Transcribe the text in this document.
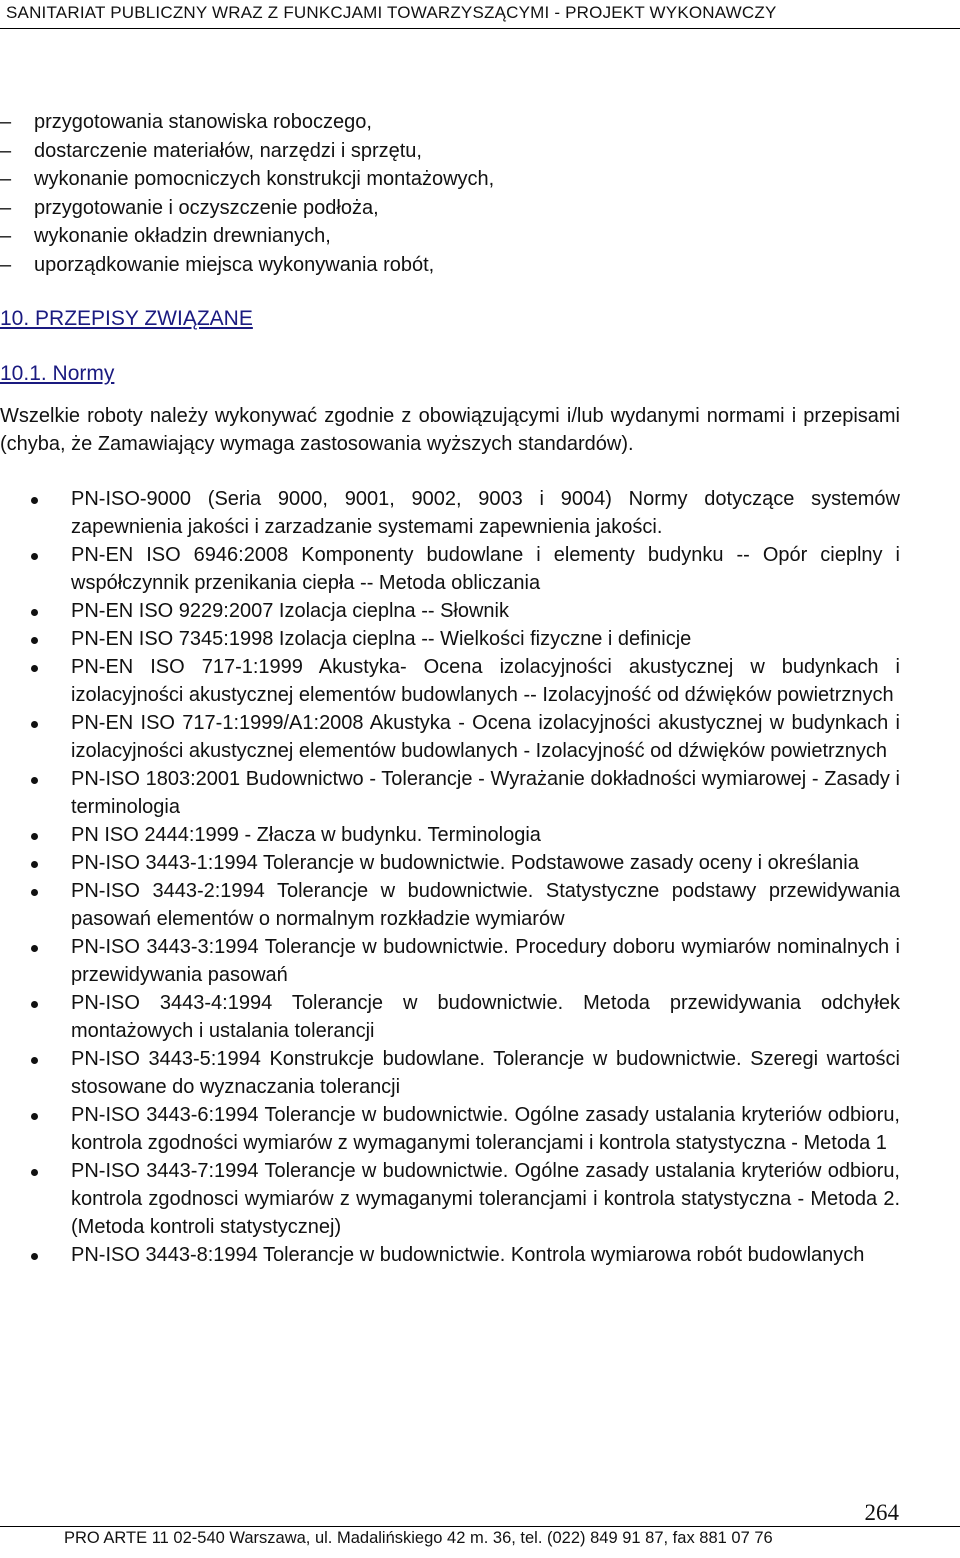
SANITARIAT PUBLICZNY WRAZ Z FUNKCJAMI TOWARZYSZĄCYMI - PROJEKT WYKONAWCZY
–	przygotowania stanowiska roboczego,
–	dostarczenie materiałów, narzędzi i sprzętu,
–	wykonanie pomocniczych konstrukcji montażowych,
–	przygotowanie i oczyszczenie podłoża,
–	wykonanie okładzin drewnianych,
–	uporządkowanie miejsca wykonywania robót,
10. PRZEPISY ZWIĄZANE
10.1. Normy
Wszelkie roboty należy wykonywać zgodnie z obowiązującymi i/lub wydanymi normami i przepisami (chyba, że Zamawiający wymaga zastosowania wyższych standardów).
PN-ISO-9000 (Seria 9000, 9001, 9002, 9003 i 9004) Normy dotyczące systemów zapewnienia jakości i zarzadzanie systemami zapewnienia jakości.
PN-EN ISO 6946:2008 Komponenty budowlane i elementy budynku -- Opór cieplny i współczynnik przenikania ciepła -- Metoda obliczania
PN-EN ISO 9229:2007 Izolacja cieplna -- Słownik
PN-EN ISO 7345:1998 Izolacja cieplna -- Wielkości fizyczne i definicje
PN-EN ISO 717-1:1999 Akustyka- Ocena izolacyjności akustycznej w budynkach i izolacyjności akustycznej elementów budowlanych -- Izolacyjność od dźwięków powietrznych
PN-EN ISO 717-1:1999/A1:2008 Akustyka - Ocena izolacyjności akustycznej w budynkach i izolacyjności akustycznej elementów budowlanych - Izolacyjność od dźwięków powietrznych
PN-ISO 1803:2001 Budownictwo - Tolerancje - Wyrażanie dokładności wymiarowej - Zasady i terminologia
PN ISO 2444:1999 - Złacza w budynku. Terminologia
PN-ISO 3443-1:1994 Tolerancje w budownictwie. Podstawowe zasady oceny i określania
PN-ISO 3443-2:1994 Tolerancje w budownictwie. Statystyczne podstawy przewidywania pasowań elementów o normalnym rozkładzie wymiarów
PN-ISO 3443-3:1994 Tolerancje w budownictwie. Procedury doboru wymiarów nominalnych i przewidywania pasowań
PN-ISO 3443-4:1994 Tolerancje w budownictwie. Metoda przewidywania odchyłek montażowych i ustalania tolerancji
PN-ISO 3443-5:1994 Konstrukcje budowlane. Tolerancje w budownictwie. Szeregi wartości stosowane do wyznaczania tolerancji
PN-ISO 3443-6:1994 Tolerancje w budownictwie. Ogólne zasady ustalania kryteriów odbioru, kontrola zgodności wymiarów z wymaganymi tolerancjami i kontrola statystyczna - Metoda 1
PN-ISO 3443-7:1994 Tolerancje w budownictwie. Ogólne zasady ustalania kryteriów odbioru, kontrola zgodnosci wymiarów z wymaganymi tolerancjami i kontrola statystyczna - Metoda 2. (Metoda kontroli statystycznej)
PN-ISO 3443-8:1994 Tolerancje w budownictwie. Kontrola wymiarowa robót budowlanych
264
PRO ARTE 11 02-540 Warszawa, ul. Madalińskiego 42 m. 36, tel. (022) 849 91 87, fax 881 07 76
